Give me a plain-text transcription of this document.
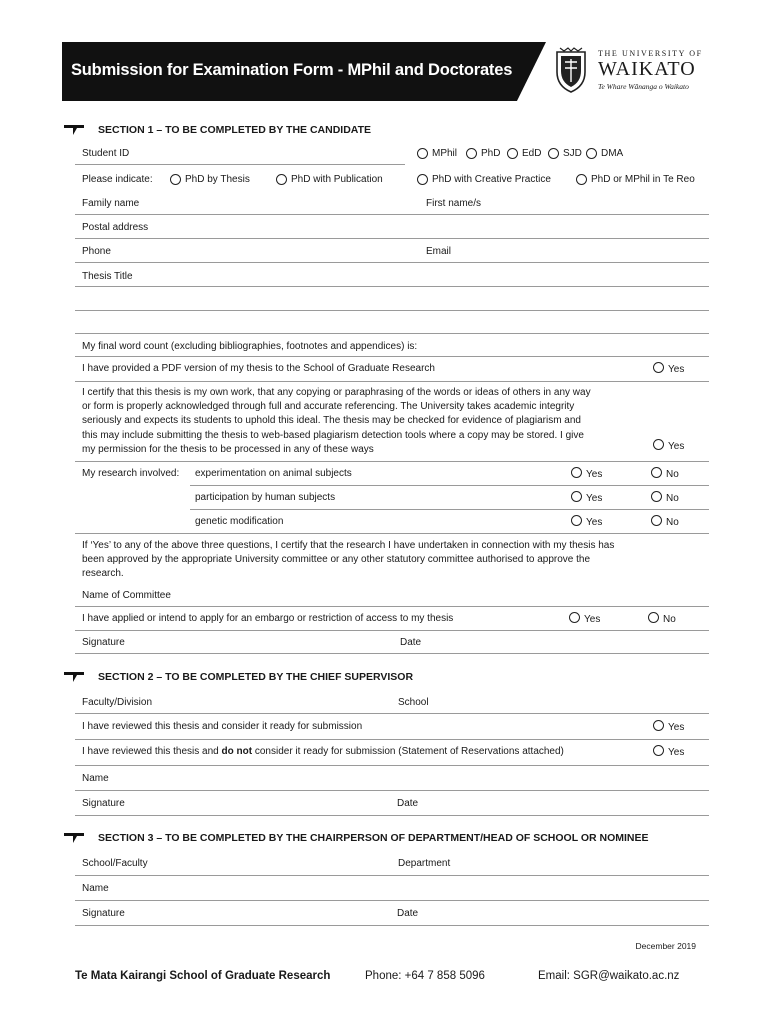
Submission for Examination Form - MPhil and Doctorates
THE UNIVERSITY OF
WAIKATO
Te Whare Wānanga o Waikato
SECTION 1 – TO BE COMPLETED BY THE CANDIDATE
Student ID	MPhil PhD EdD SJD DMA
Please indicate:	PhD by Thesis	PhD with Publication	PhD with Creative Practice	PhD or MPhil in Te Reo
Family name	First name/s
Postal address
Phone	Email
Thesis Title
My final word count (excluding bibliographies, footnotes and appendices) is:
I have provided a PDF version of my thesis to the School of Graduate Research	Yes
I certify that this thesis is my own work, that any copying or paraphrasing of the words or ideas of others in any way
or form is properly acknowledged through full and accurate referencing. The University takes academic integrity
seriously and expects its students to uphold this ideal. The thesis may be checked for evidence of plagiarism and
this may include submitting the thesis to web-based plagiarism detection tools where a copy may be stored. I give
my permission for the thesis to be processed in any of these ways	Yes
My research involved: experimentation on animal subjects	Yes	No
participation by human subjects	Yes	No
genetic modification	Yes	No
If ‘Yes’ to any of the above three questions, I certify that the research I have undertaken in connection with my thesis has
been approved by the appropriate University committee or any other statutory committee authorised to approve the
research.
Name of Committee
I have applied or intend to apply for an embargo or restriction of access to my thesis	Yes	No
Signature	Date
SECTION 2 – TO BE COMPLETED BY THE CHIEF SUPERVISOR
Faculty/Division	School
I have reviewed this thesis and consider it ready for submission	Yes
I have reviewed this thesis and do not consider it ready for submission (Statement of Reservations attached)	Yes
Name
Signature	Date
SECTION 3 – TO BE COMPLETED BY THE CHAIRPERSON OF DEPARTMENT/HEAD OF SCHOOL OR NOMINEE
School/Faculty	Department
Name
Signature	Date
December 2019
Te Mata Kairangi School of Graduate Research	Phone: +64 7 858 5096	Email: SGR@waikato.ac.nz
